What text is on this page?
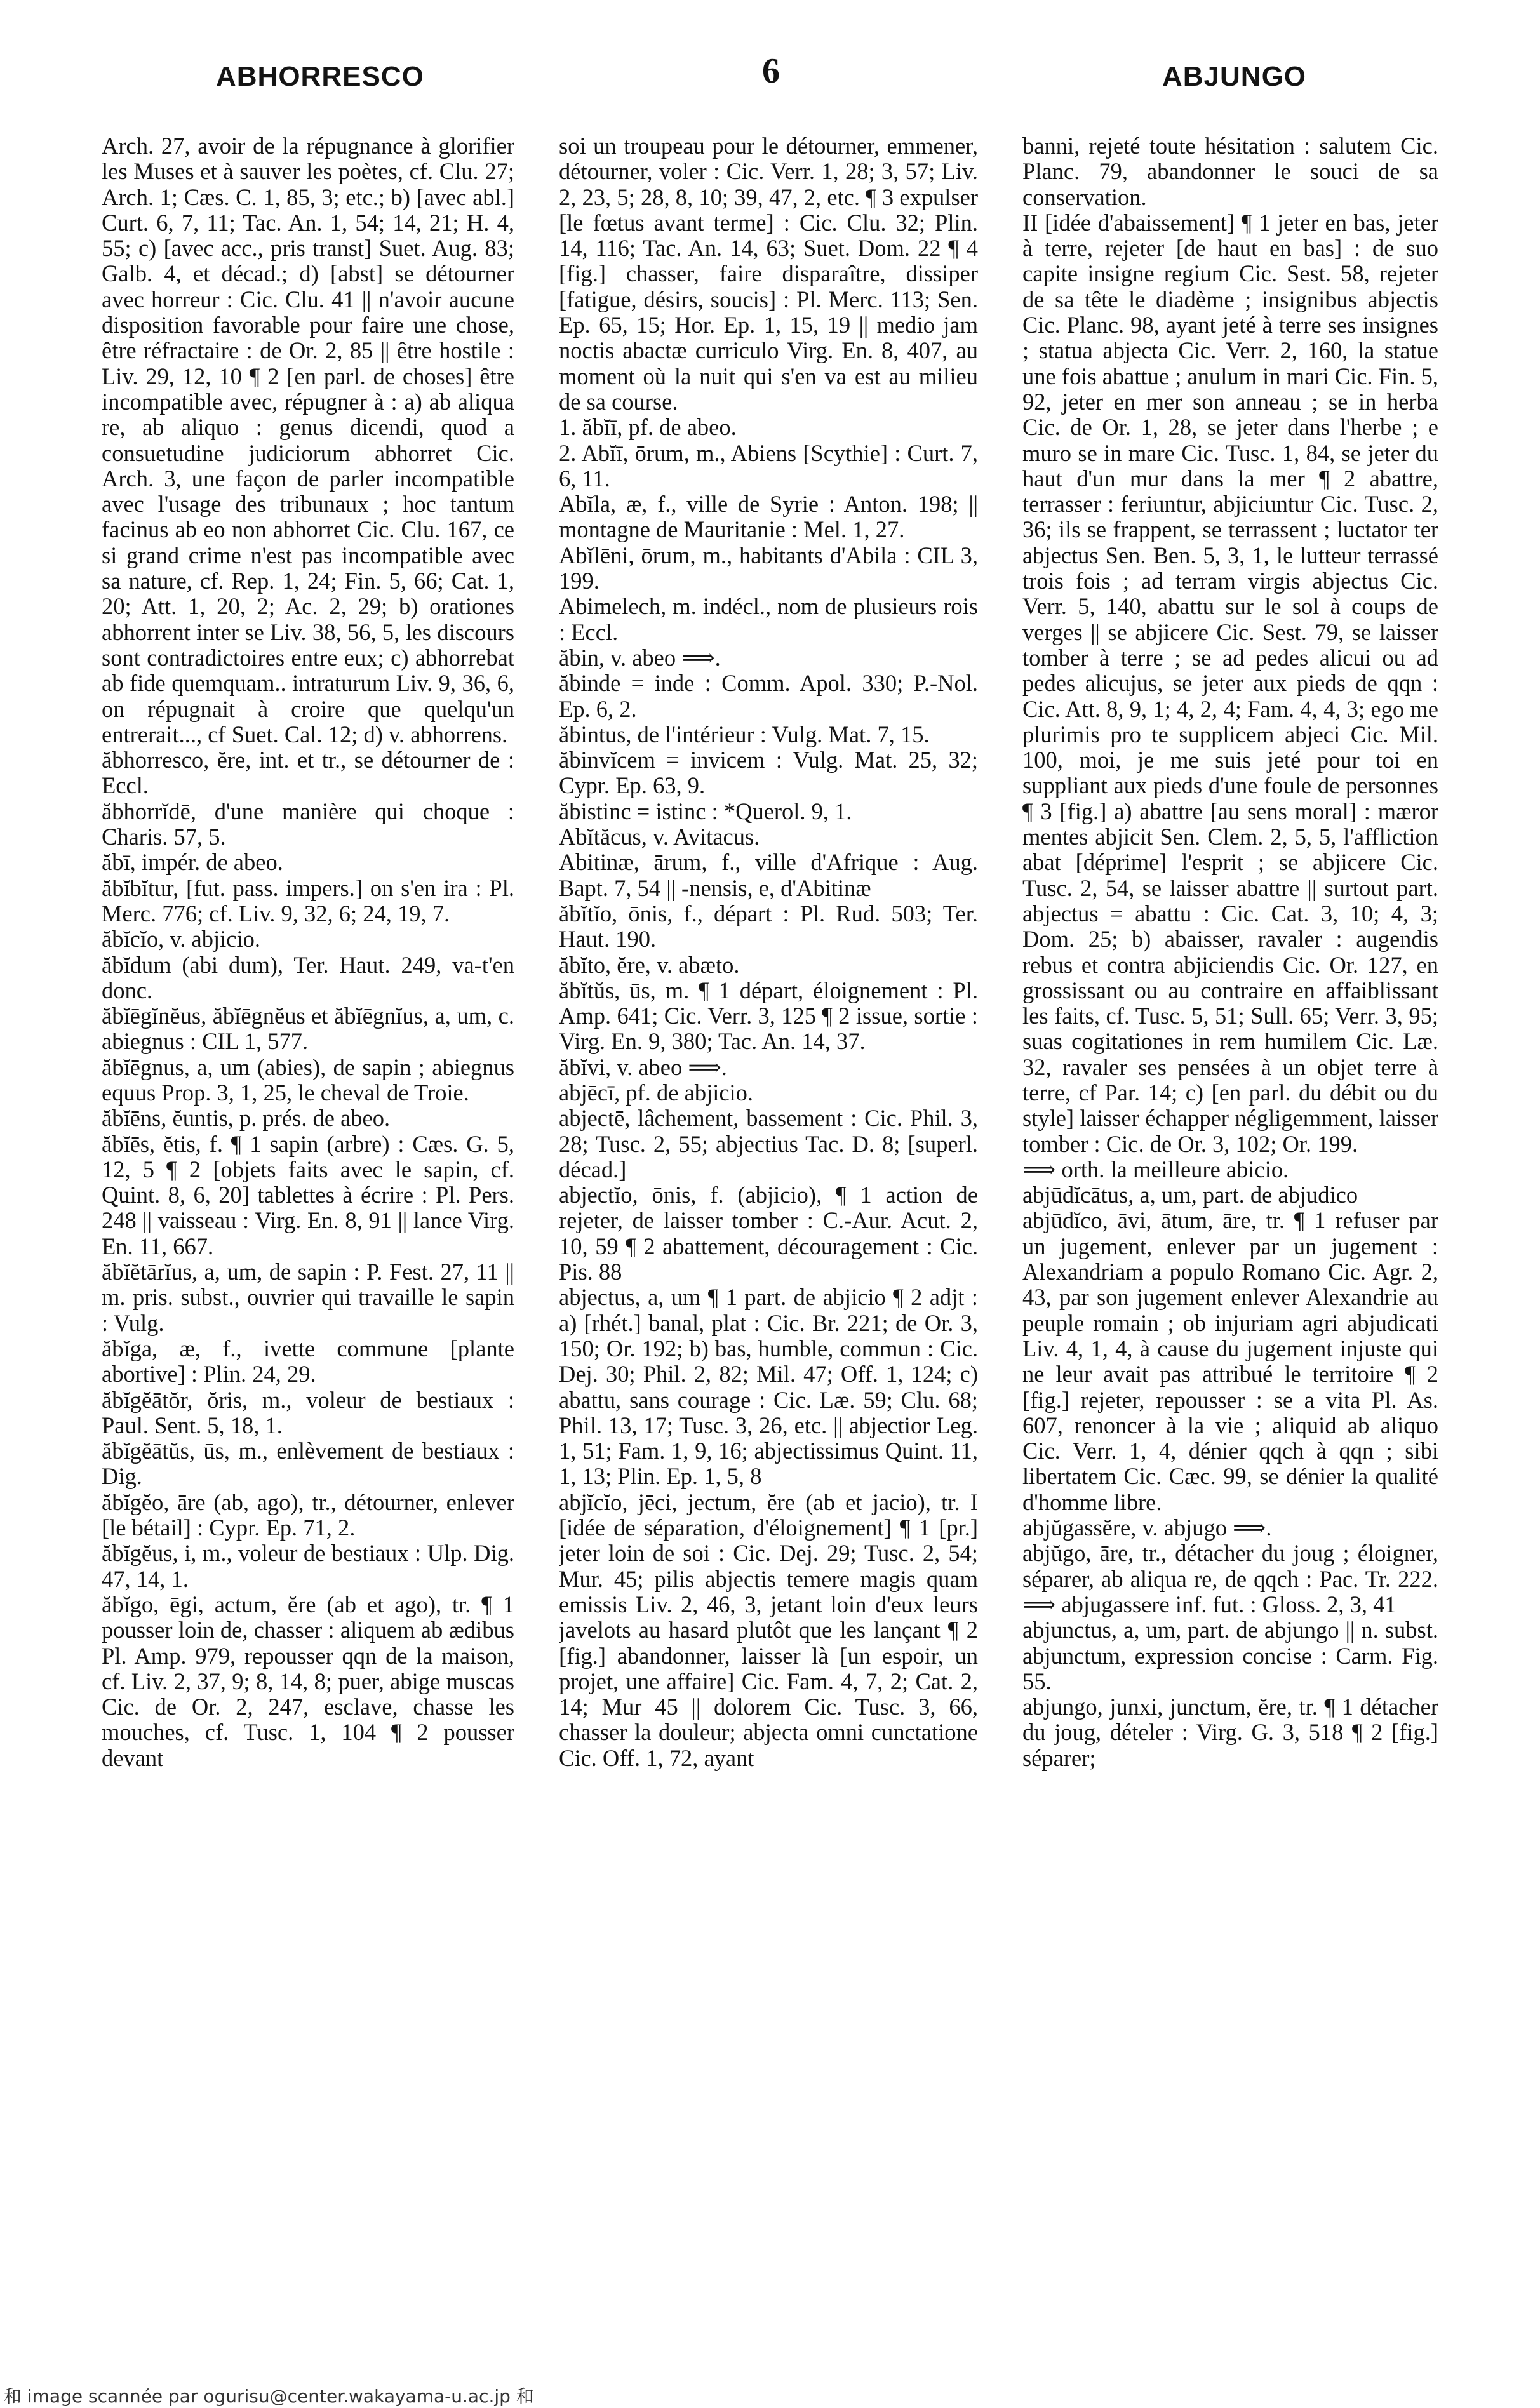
ABHORRESCO	6	ABJUNGO

Arch. 27, avoir de la répugnance à glorifier les Muses et à sauver les poètes, cf. Clu. 27; Arch. 1; Cæs. C. 1, 85, 3; etc.; b) [avec abl.] Curt. 6, 7, 11; Tac. An. 1, 54; 14, 21; H. 4, 55; c) [avec acc., pris transt] Suet. Aug. 83; Galb. 4, et décad.; d) [abst] se détourner avec horreur : Cic. Clu. 41 || n'avoir aucune disposition favorable pour faire une chose, être réfractaire : de Or. 2, 85 || être hostile : Liv. 29, 12, 10 ¶ 2 [en parl. de choses] être incompatible avec, répugner à : a) ab aliqua re, ab aliquo : genus dicendi, quod a consuetudine judiciorum abhorret Cic. Arch. 3, une façon de parler incompatible avec l'usage des tribunaux ; hoc tantum facinus ab eo non abhorret Cic. Clu. 167, ce si grand crime n'est pas incompatible avec sa nature, cf. Rep. 1, 24; Fin. 5, 66; Cat. 1, 20; Att. 1, 20, 2; Ac. 2, 29; b) orationes abhorrent inter se Liv. 38, 56, 5, les discours sont contradictoires entre eux; c) abhorrebat ab fide quemquam.. intraturum Liv. 9, 36, 6, on répugnait à croire que quelqu'un entrerait..., cf Suet. Cal. 12; d) v. abhorrens.

ăbhorresco, ĕre, int. et tr., se détourner de : Eccl.

ăbhorrĭdē, d'une manière qui choque : Charis. 57, 5.

ăbī, impér. de abeo.

ăbĭbĭtur, [fut. pass. impers.] on s'en ira : Pl. Merc. 776; cf. Liv. 9, 32, 6; 24, 19, 7.

ăbĭcĭo, v. abjicio.

ăbĭdum (abi dum), Ter. Haut. 249, va-t'en donc.

ăbĭēgĭnĕus, ăbĭēgnĕus et ăbĭēgnĭus, a, um, c. abiegnus : CIL 1, 577.

ăbĭēgnus, a, um (abies), de sapin ; abiegnus equus Prop. 3, 1, 25, le cheval de Troie.

ăbĭēns, ĕuntis, p. prés. de abeo.

ăbĭēs, ĕtis, f. ¶ 1 sapin (arbre) : Cæs. G. 5, 12, 5 ¶ 2 [objets faits avec le sapin, cf. Quint. 8, 6, 20] tablettes à écrire : Pl. Pers. 248 || vaisseau : Virg. En. 8, 91 || lance Virg. En. 11, 667.

ăbĭĕtārĭus, a, um, de sapin : P. Fest. 27, 11 || m. pris. subst., ouvrier qui travaille le sapin : Vulg.

ăbĭga, æ, f., ivette commune [plante abortive] : Plin. 24, 29.

ăbĭgĕātŏr, ŏris, m., voleur de bestiaux : Paul. Sent. 5, 18, 1.

ăbĭgĕātŭs, ūs, m., enlèvement de bestiaux : Dig.

ăbĭgĕo, āre (ab, ago), tr., détourner, enlever [le bétail] : Cypr. Ep. 71, 2.

ăbĭgĕus, i, m., voleur de bestiaux : Ulp. Dig. 47, 14, 1.

ăbĭgo, ēgi, actum, ĕre (ab et ago), tr. ¶ 1 pousser loin de, chasser : aliquem ab ædibus Pl. Amp. 979, repousser qqn de la maison, cf. Liv. 2, 37, 9; 8, 14, 8; puer, abige muscas Cic. de Or. 2, 247, esclave, chasse les mouches, cf. Tusc. 1, 104 ¶ 2 pousser devant

soi un troupeau pour le détourner, emmener, détourner, voler : Cic. Verr. 1, 28; 3, 57; Liv. 2, 23, 5; 28, 8, 10; 39, 47, 2, etc. ¶ 3 expulser [le fœtus avant terme] : Cic. Clu. 32; Plin. 14, 116; Tac. An. 14, 63; Suet. Dom. 22 ¶ 4 [fig.] chasser, faire disparaître, dissiper [fatigue, désirs, soucis] : Pl. Merc. 113; Sen. Ep. 65, 15; Hor. Ep. 1, 15, 19 || medio jam noctis abactæ curriculo Virg. En. 8, 407, au moment où la nuit qui s'en va est au milieu de sa course.

1. ăbĭī, pf. de abeo.

2. Abĭī, ōrum, m., Abiens [Scythie] : Curt. 7, 6, 11.

Abĭla, æ, f., ville de Syrie : Anton. 198; || montagne de Mauritanie : Mel. 1, 27.

Abĭlēni, ōrum, m., habitants d'Abila : CIL 3, 199.

Abimelech, m. indécl., nom de plusieurs rois : Eccl.

ăbin, v. abeo ⟹.

ăbinde = inde : Comm. Apol. 330; P.-Nol. Ep. 6, 2.

ăbintus, de l'intérieur : Vulg. Mat. 7, 15.

ăbinvĭcem = invicem : Vulg. Mat. 25, 32; Cypr. Ep. 63, 9.

ăbistinc = istinc : *Querol. 9, 1.

Abĭtăcus, v. Avitacus.

Abitinæ, ārum, f., ville d'Afrique : Aug. Bapt. 7, 54 || -nensis, e, d'Abitinæ

ăbĭtĭo, ōnis, f., départ : Pl. Rud. 503; Ter. Haut. 190.

ăbĭto, ĕre, v. abæto.

ăbĭtŭs, ūs, m. ¶ 1 départ, éloignement : Pl. Amp. 641; Cic. Verr. 3, 125 ¶ 2 issue, sortie : Virg. En. 9, 380; Tac. An. 14, 37.

ăbĭvi, v. abeo ⟹.

abjēcī, pf. de abjicio.

abjectē, lâchement, bassement : Cic. Phil. 3, 28; Tusc. 2, 55; abjectius Tac. D. 8; [superl. décad.]

abjectĭo, ōnis, f. (abjicio), ¶ 1 action de rejeter, de laisser tomber : C.-Aur. Acut. 2, 10, 59 ¶ 2 abattement, découragement : Cic. Pis. 88

abjectus, a, um ¶ 1 part. de abjicio ¶ 2 adjt : a) [rhét.] banal, plat : Cic. Br. 221; de Or. 3, 150; Or. 192; b) bas, humble, commun : Cic. Dej. 30; Phil. 2, 82; Mil. 47; Off. 1, 124; c) abattu, sans courage : Cic. Læ. 59; Clu. 68; Phil. 13, 17; Tusc. 3, 26, etc. || abjectior Leg. 1, 51; Fam. 1, 9, 16; abjectissimus Quint. 11, 1, 13; Plin. Ep. 1, 5, 8

abjĭcĭo, jēci, jectum, ĕre (ab et jacio), tr. I [idée de séparation, d'éloignement] ¶ 1 [pr.] jeter loin de soi : Cic. Dej. 29; Tusc. 2, 54; Mur. 45; pilis abjectis temere magis quam emissis Liv. 2, 46, 3, jetant loin d'eux leurs javelots au hasard plutôt que les lançant ¶ 2 [fig.] abandonner, laisser là [un espoir, un projet, une affaire] Cic. Fam. 4, 7, 2; Cat. 2, 14; Mur 45 || dolorem Cic. Tusc. 3, 66, chasser la douleur; abjecta omni cunctatione Cic. Off. 1, 72, ayant

banni, rejeté toute hésitation : salutem Cic. Planc. 79, abandonner le souci de sa conservation.

II [idée d'abaissement] ¶ 1 jeter en bas, jeter à terre, rejeter [de haut en bas] : de suo capite insigne regium Cic. Sest. 58, rejeter de sa tête le diadème ; insignibus abjectis Cic. Planc. 98, ayant jeté à terre ses insignes ; statua abjecta Cic. Verr. 2, 160, la statue une fois abattue ; anulum in mari Cic. Fin. 5, 92, jeter en mer son anneau ; se in herba Cic. de Or. 1, 28, se jeter dans l'herbe ; e muro se in mare Cic. Tusc. 1, 84, se jeter du haut d'un mur dans la mer ¶ 2 abattre, terrasser : feriuntur, abjiciuntur Cic. Tusc. 2, 36; ils se frappent, se terrassent ; luctator ter abjectus Sen. Ben. 5, 3, 1, le lutteur terrassé trois fois ; ad terram virgis abjectus Cic. Verr. 5, 140, abattu sur le sol à coups de verges || se abjicere Cic. Sest. 79, se laisser tomber à terre ; se ad pedes alicui ou ad pedes alicujus, se jeter aux pieds de qqn : Cic. Att. 8, 9, 1; 4, 2, 4; Fam. 4, 4, 3; ego me plurimis pro te supplicem abjeci Cic. Mil. 100, moi, je me suis jeté pour toi en suppliant aux pieds d'une foule de personnes ¶ 3 [fig.] a) abattre [au sens moral] : mæror mentes abjicit Sen. Clem. 2, 5, 5, l'affliction abat [déprime] l'esprit ; se abjicere Cic. Tusc. 2, 54, se laisser abattre || surtout part. abjectus = abattu : Cic. Cat. 3, 10; 4, 3; Dom. 25; b) abaisser, ravaler : augendis rebus et contra abjiciendis Cic. Or. 127, en grossissant ou au contraire en affaiblissant les faits, cf. Tusc. 5, 51; Sull. 65; Verr. 3, 95; suas cogitationes in rem humilem Cic. Læ. 32, ravaler ses pensées à un objet terre à terre, cf Par. 14; c) [en parl. du débit ou du style] laisser échapper négligemment, laisser tomber : Cic. de Or. 3, 102; Or. 199.

⟹ orth. la meilleure abicio.

abjūdĭcātus, a, um, part. de abjudico

abjūdĭco, āvi, ātum, āre, tr. ¶ 1 refuser par un jugement, enlever par un jugement : Alexandriam a populo Romano Cic. Agr. 2, 43, par son jugement enlever Alexandrie au peuple romain ; ob injuriam agri abjudicati Liv. 4, 1, 4, à cause du jugement injuste qui ne leur avait pas attribué le territoire ¶ 2 [fig.] rejeter, repousser : se a vita Pl. As. 607, renoncer à la vie ; aliquid ab aliquo Cic. Verr. 1, 4, dénier qqch à qqn ; sibi libertatem Cic. Cæc. 99, se dénier la qualité d'homme libre.

abjŭgassĕre, v. abjugo ⟹.

abjŭgo, āre, tr., détacher du joug ; éloigner, séparer, ab aliqua re, de qqch : Pac. Tr. 222. ⟹ abjugassere inf. fut. : Gloss. 2, 3, 41

abjunctus, a, um, part. de abjungo || n. subst. abjunctum, expression concise : Carm. Fig. 55.

abjungo, junxi, junctum, ĕre, tr. ¶ 1 détacher du joug, dételer : Virg. G. 3, 518 ¶ 2 [fig.] séparer;

和 image scannée par ogurisu@center.wakayama-u.ac.jp 和
